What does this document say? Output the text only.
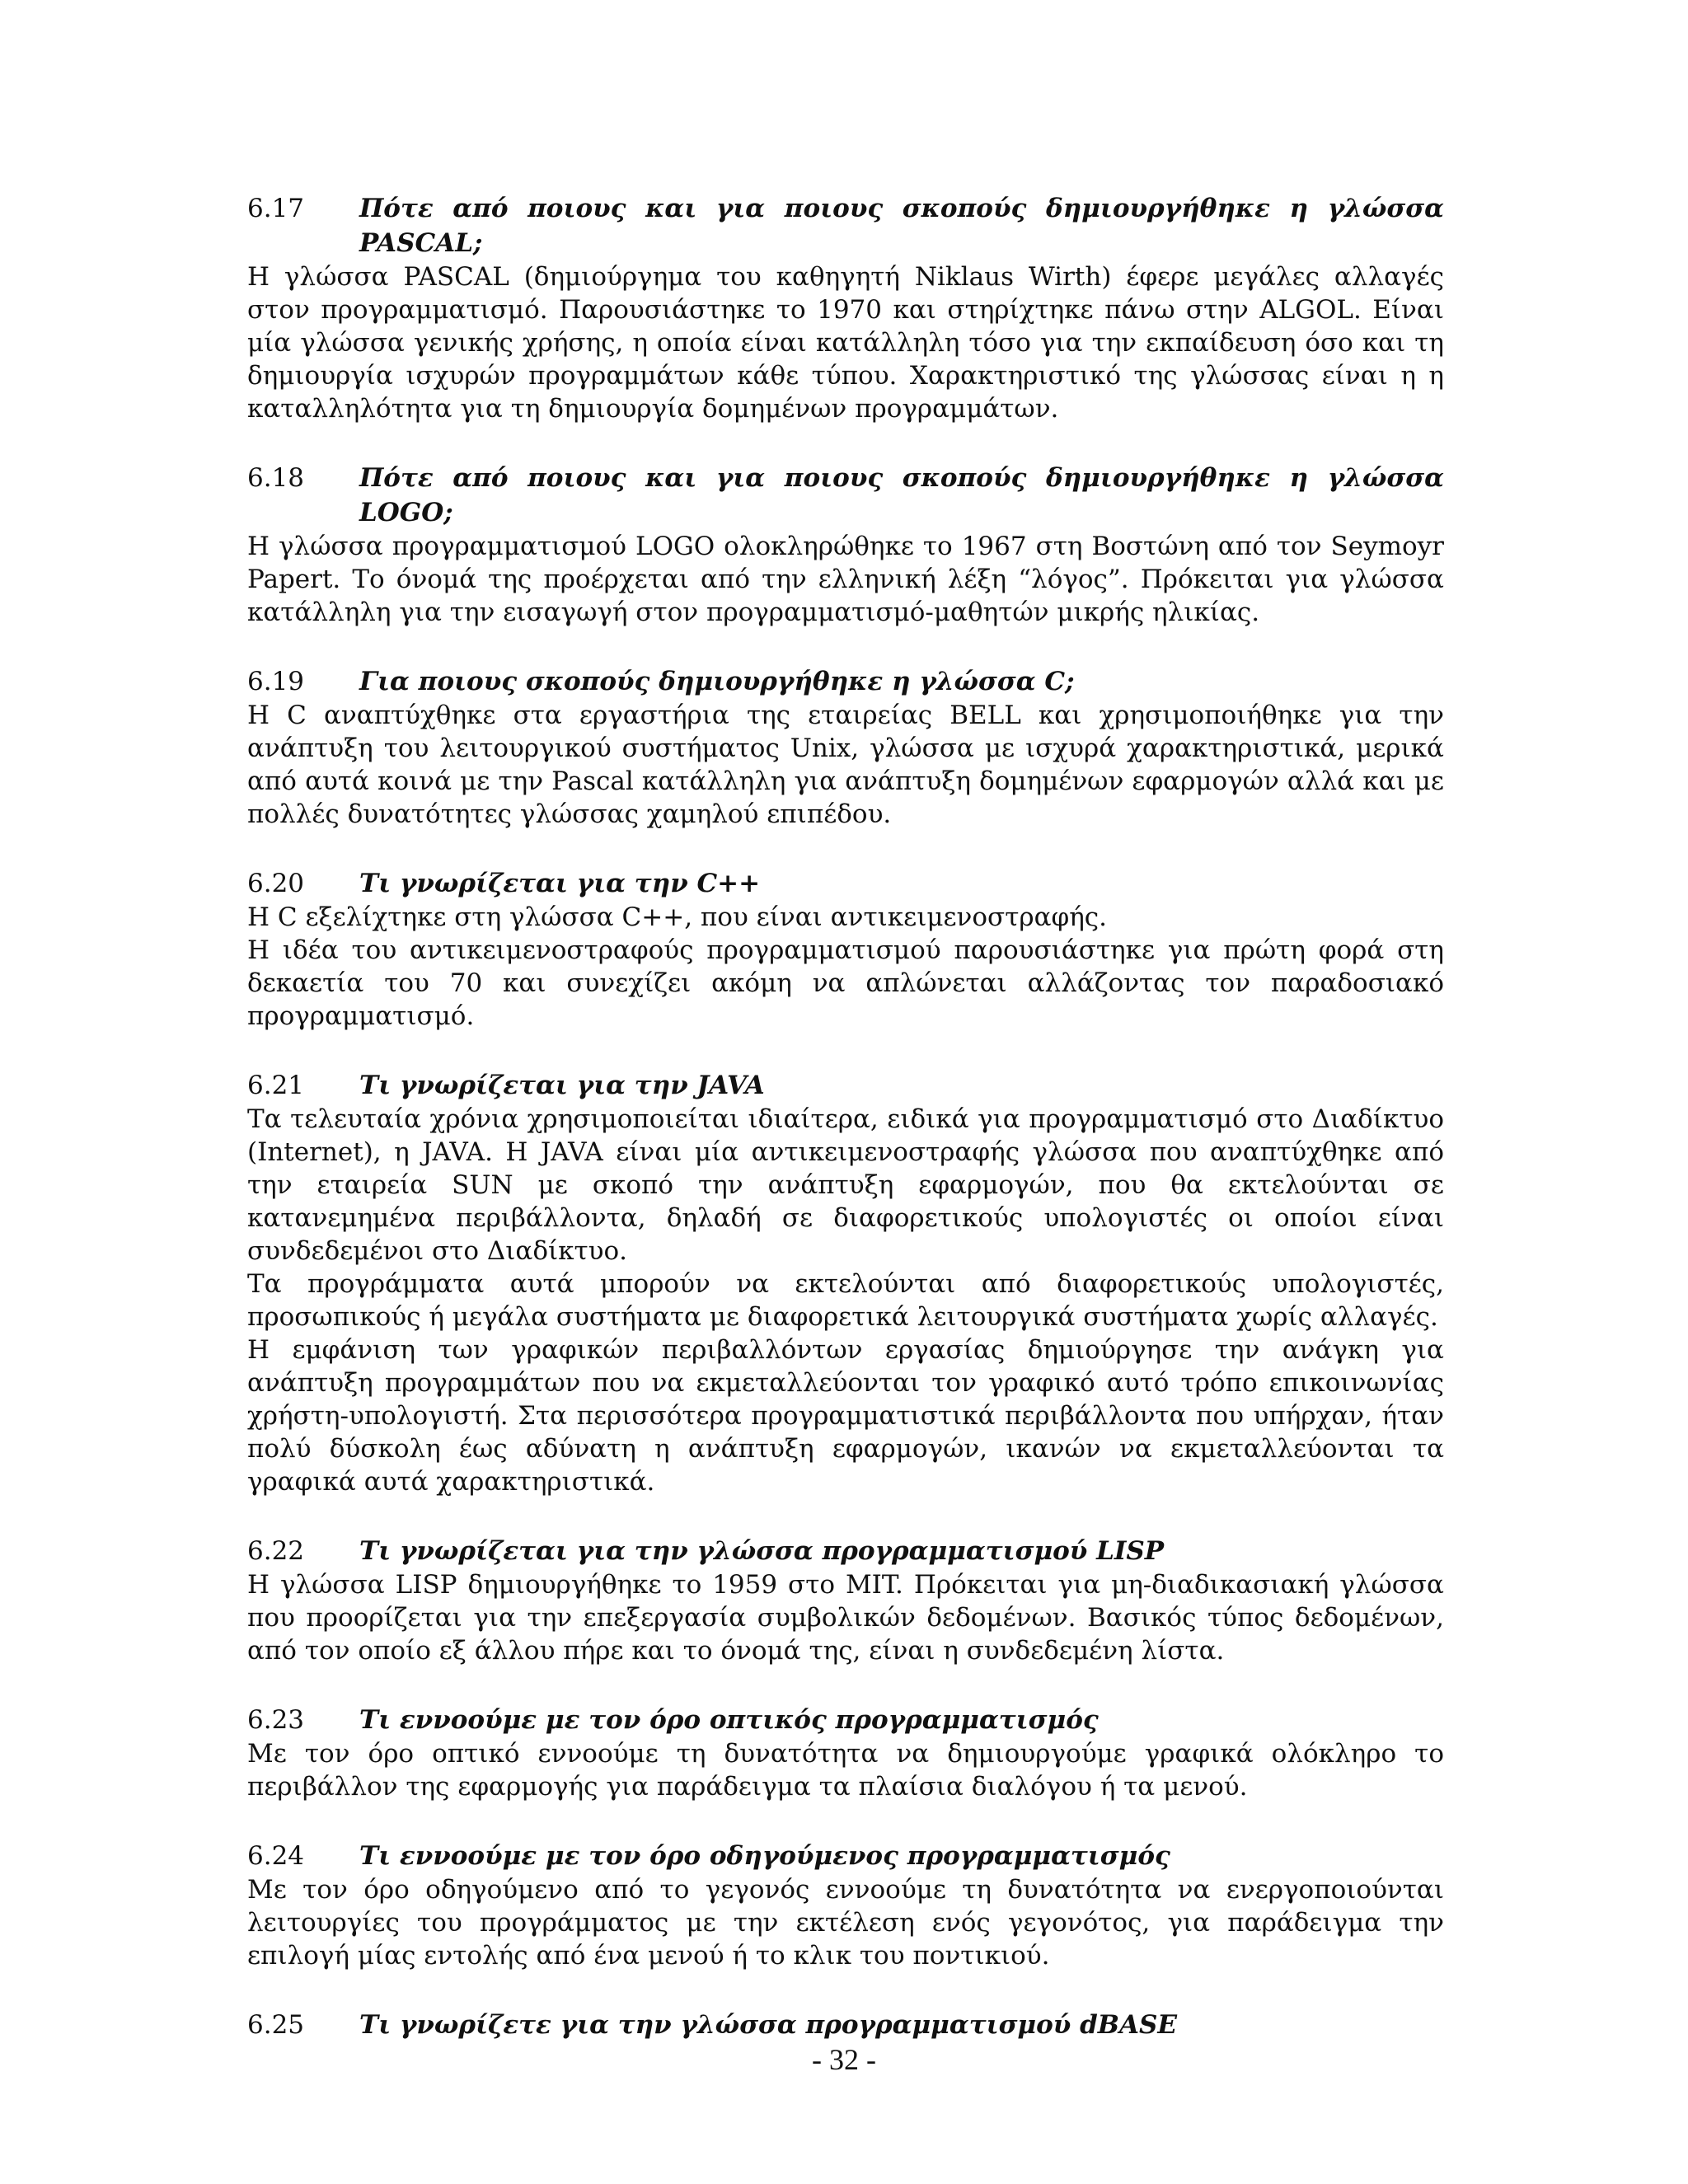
6.17	Πότε από ποιους και για ποιους σκοπούς δημιουργήθηκε η γλώσσα PASCAL;

Η γλώσσα PASCAL (δημιούργημα του καθηγητή Niklaus Wirth) έφερε μεγάλες αλλαγές στον προγραμματισμό. Παρουσιάστηκε το 1970 και στηρίχτηκε πάνω στην ALGOL. Είναι μία γλώσσα γενικής χρήσης, η οποία είναι κατάλληλη τόσο για την εκπαίδευση όσο και τη δημιουργία ισχυρών προγραμμάτων κάθε τύπου. Χαρακτηριστικό της γλώσσας είναι η η καταλληλότητα για τη δημιουργία δομημένων προγραμμάτων.

6.18	Πότε από ποιους και για ποιους σκοπούς δημιουργήθηκε η γλώσσα LOGO;

Η γλώσσα προγραμματισμού LOGO ολοκληρώθηκε το 1967 στη Βοστώνη από τον Seymoyr Papert. Το όνομά της προέρχεται από την ελληνική λέξη “λόγος”. Πρόκειται για γλώσσα κατάλληλη για την εισαγωγή στον προγραμματισμό-μαθητών μικρής ηλικίας.

6.19	Για ποιους σκοπούς δημιουργήθηκε η γλώσσα C;

Η C αναπτύχθηκε στα εργαστήρια της εταιρείας BELL και χρησιμοποιήθηκε για την ανάπτυξη του λειτουργικού συστήματος Unix, γλώσσα με ισχυρά χαρακτηριστικά, μερικά από αυτά κοινά με την Pascal κατάλληλη για ανάπτυξη δομημένων εφαρμογών αλλά και με πολλές δυνατότητες γλώσσας χαμηλού επιπέδου.

6.20	Τι γνωρίζεται για την C++

Η C εξελίχτηκε στη γλώσσα C++, που είναι αντικειμενοστραφής.

Η ιδέα του αντικειμενοστραφούς προγραμματισμού παρουσιάστηκε για πρώτη φορά στη δεκαετία του 70 και συνεχίζει ακόμη να απλώνεται αλλάζοντας τον παραδοσιακό προγραμματισμό.

6.21	Τι γνωρίζεται για την JAVA

Τα τελευταία χρόνια χρησιμοποιείται ιδιαίτερα, ειδικά για προγραμματισμό στο Διαδίκτυο (Internet), η JAVA. Η JAVA είναι μία αντικειμενοστραφής γλώσσα που αναπτύχθηκε από την εταιρεία SUN με σκοπό την ανάπτυξη εφαρμογών, που θα εκτελούνται σε κατανεμημένα περιβάλλοντα, δηλαδή σε διαφορετικούς υπολογιστές οι οποίοι είναι συνδεδεμένοι στο Διαδίκτυο.

Τα προγράμματα αυτά μπορούν να εκτελούνται από διαφορετικούς υπολογιστές, προσωπικούς ή μεγάλα συστήματα με διαφορετικά λειτουργικά συστήματα χωρίς αλλαγές.

Η εμφάνιση των γραφικών περιβαλλόντων εργασίας δημιούργησε την ανάγκη για ανάπτυξη προγραμμάτων που να εκμεταλλεύονται τον γραφικό αυτό τρόπο επικοινωνίας χρήστη-υπολογιστή. Στα περισσότερα προγραμματιστικά περιβάλλοντα που υπήρχαν, ήταν πολύ δύσκολη έως αδύνατη η ανάπτυξη εφαρμογών, ικανών να εκμεταλλεύονται τα γραφικά αυτά χαρακτηριστικά.

6.22	Τι γνωρίζεται για την γλώσσα προγραμματισμού LISP

Η γλώσσα LISP δημιουργήθηκε το 1959 στο MIT. Πρόκειται για μη-διαδικασιακή γλώσσα που προορίζεται για την επεξεργασία συμβολικών δεδομένων. Βασικός τύπος δεδομένων, από τον οποίο εξ άλλου πήρε και το όνομά της, είναι η συνδεδεμένη λίστα.

6.23	Τι εννοούμε με τον όρο οπτικός προγραμματισμός

Με τον όρο οπτικό εννοούμε τη δυνατότητα να δημιουργούμε γραφικά ολόκληρο το περιβάλλον της εφαρμογής για παράδειγμα τα πλαίσια διαλόγου ή τα μενού.

6.24	Τι εννοούμε με τον όρο οδηγούμενος προγραμματισμός

Με τον όρο οδηγούμενο από το γεγονός εννοούμε τη δυνατότητα να ενεργοποιούνται λειτουργίες του προγράμματος με την εκτέλεση ενός γεγονότος, για παράδειγμα την επιλογή μίας εντολής από ένα μενού ή το κλικ του ποντικιού.

6.25	Τι γνωρίζετε για την γλώσσα προγραμματισμού dBASE
- 32 -
